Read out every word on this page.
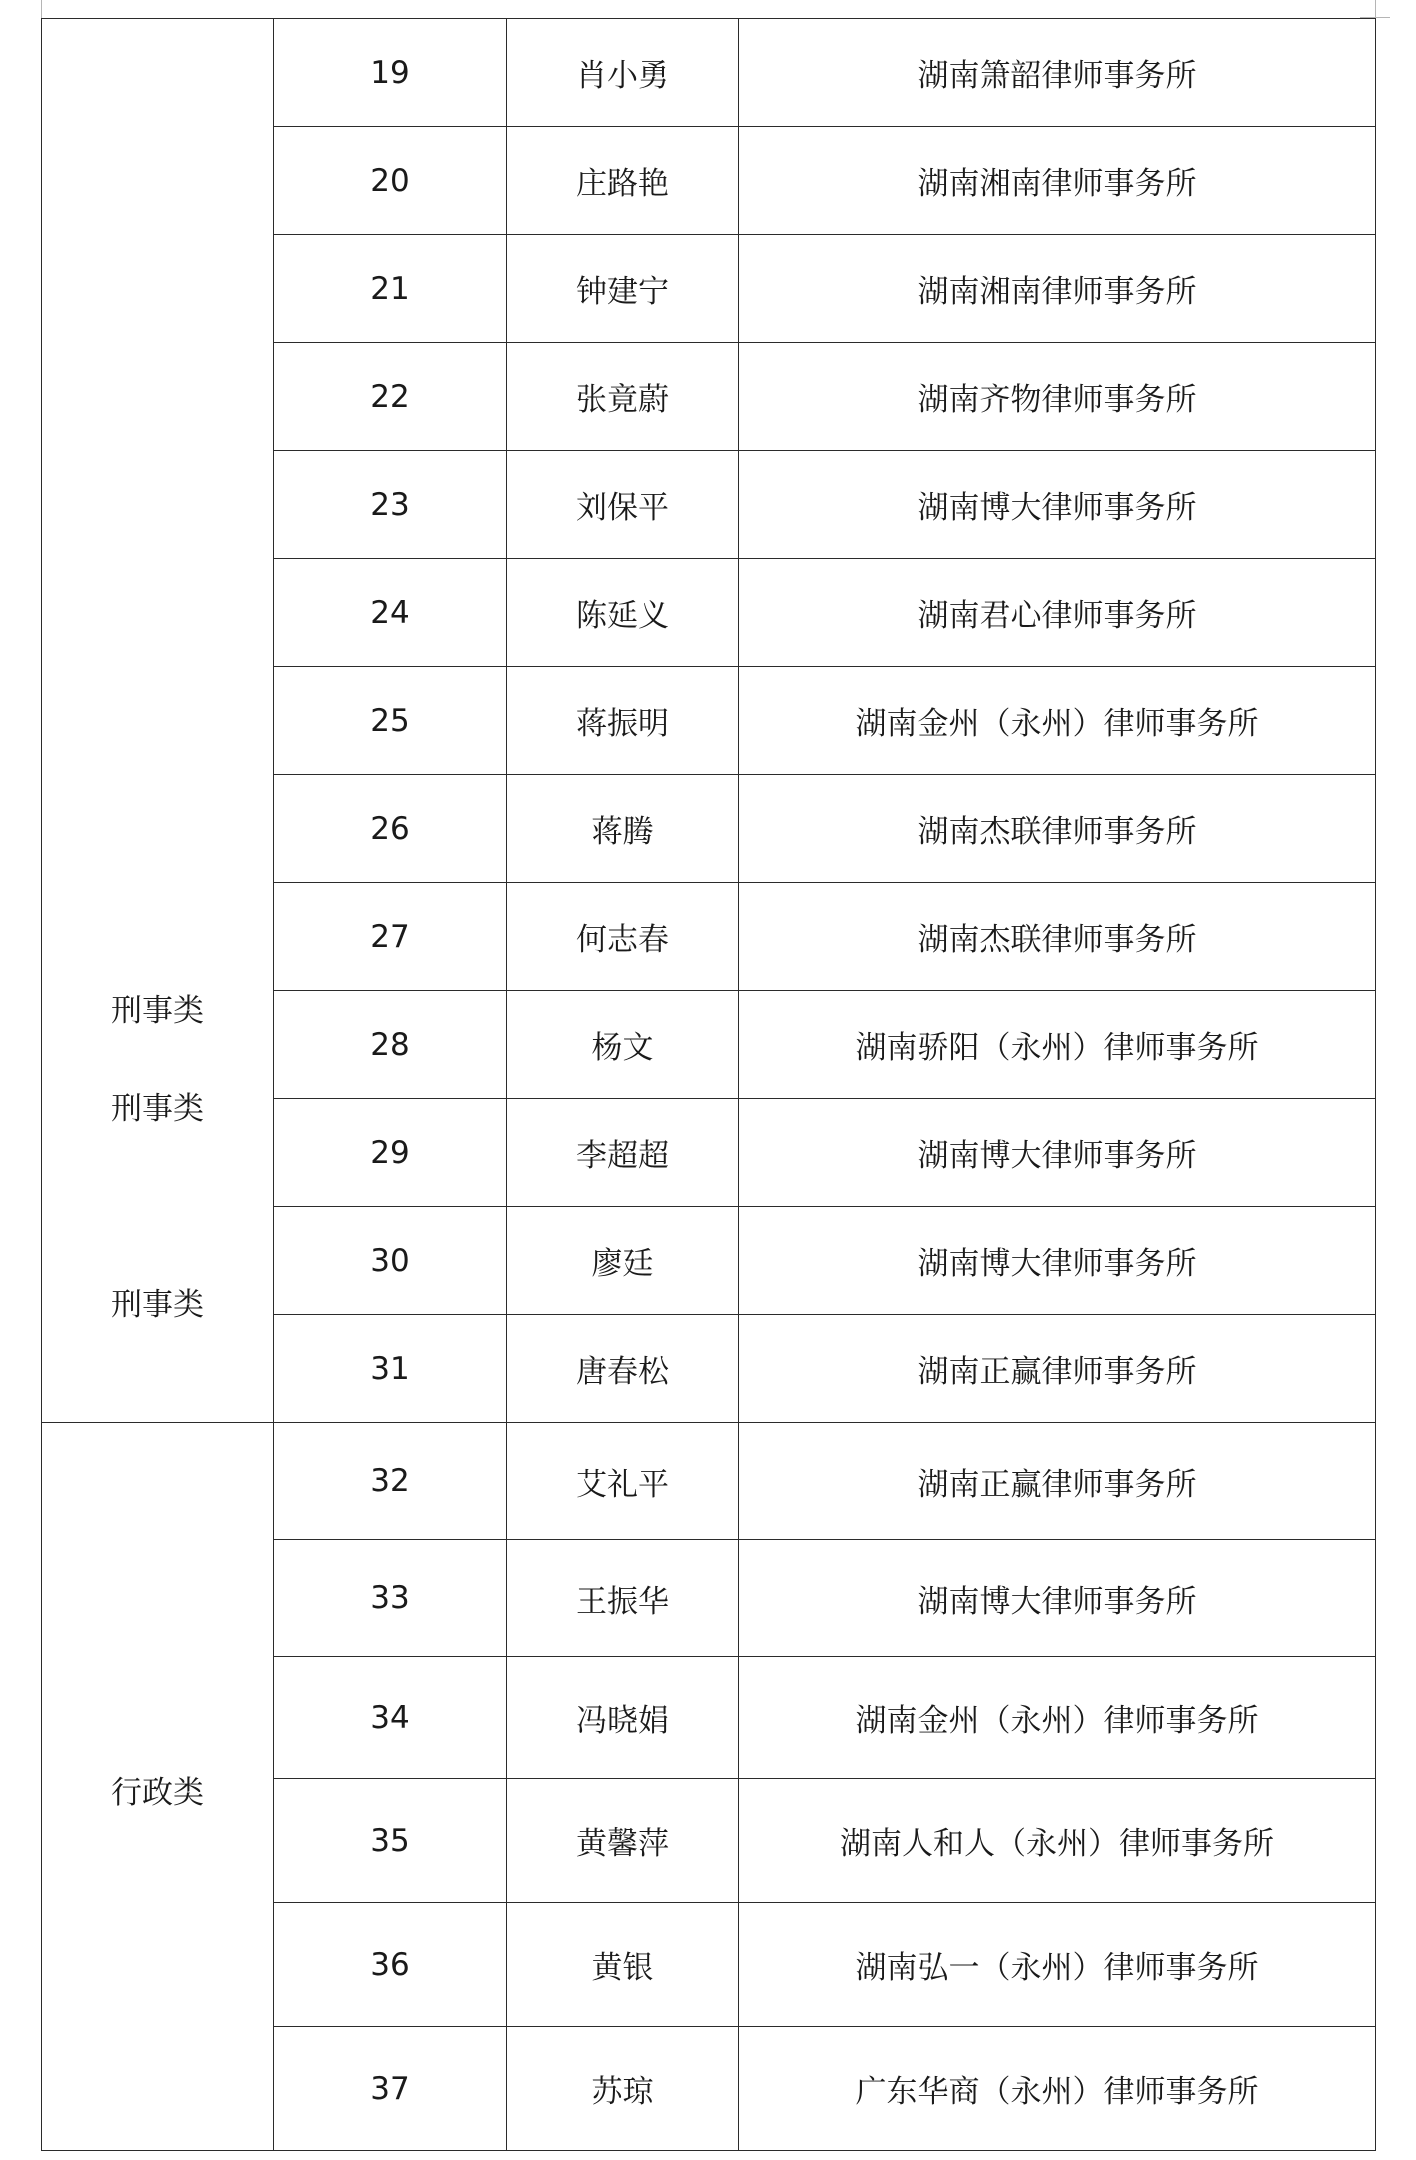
刑事类
刑事类
刑事类	19	肖小勇	湖南箫韶律师事务所
	20	庄路艳	湖南湘南律师事务所
	21	钟建宁	湖南湘南律师事务所
	22	张竟蔚	湖南齐物律师事务所
	23	刘保平	湖南博大律师事务所
	24	陈延义	湖南君心律师事务所
	25	蒋振明	湖南金州（永州）律师事务所
	26	蒋腾	湖南杰联律师事务所
	27	何志春	湖南杰联律师事务所
	28	杨文	湖南骄阳（永州）律师事务所
	29	李超超	湖南博大律师事务所
	30	廖廷	湖南博大律师事务所
	31	唐春松	湖南正赢律师事务所

行政类	32	艾礼平	湖南正赢律师事务所
	33	王振华	湖南博大律师事务所
	34	冯晓娟	湖南金州（永州）律师事务所
	35	黄馨萍	湖南人和人（永州）律师事务所
	36	黄银	湖南弘一（永州）律师事务所
	37	苏琼	广东华商（永州）律师事务所
